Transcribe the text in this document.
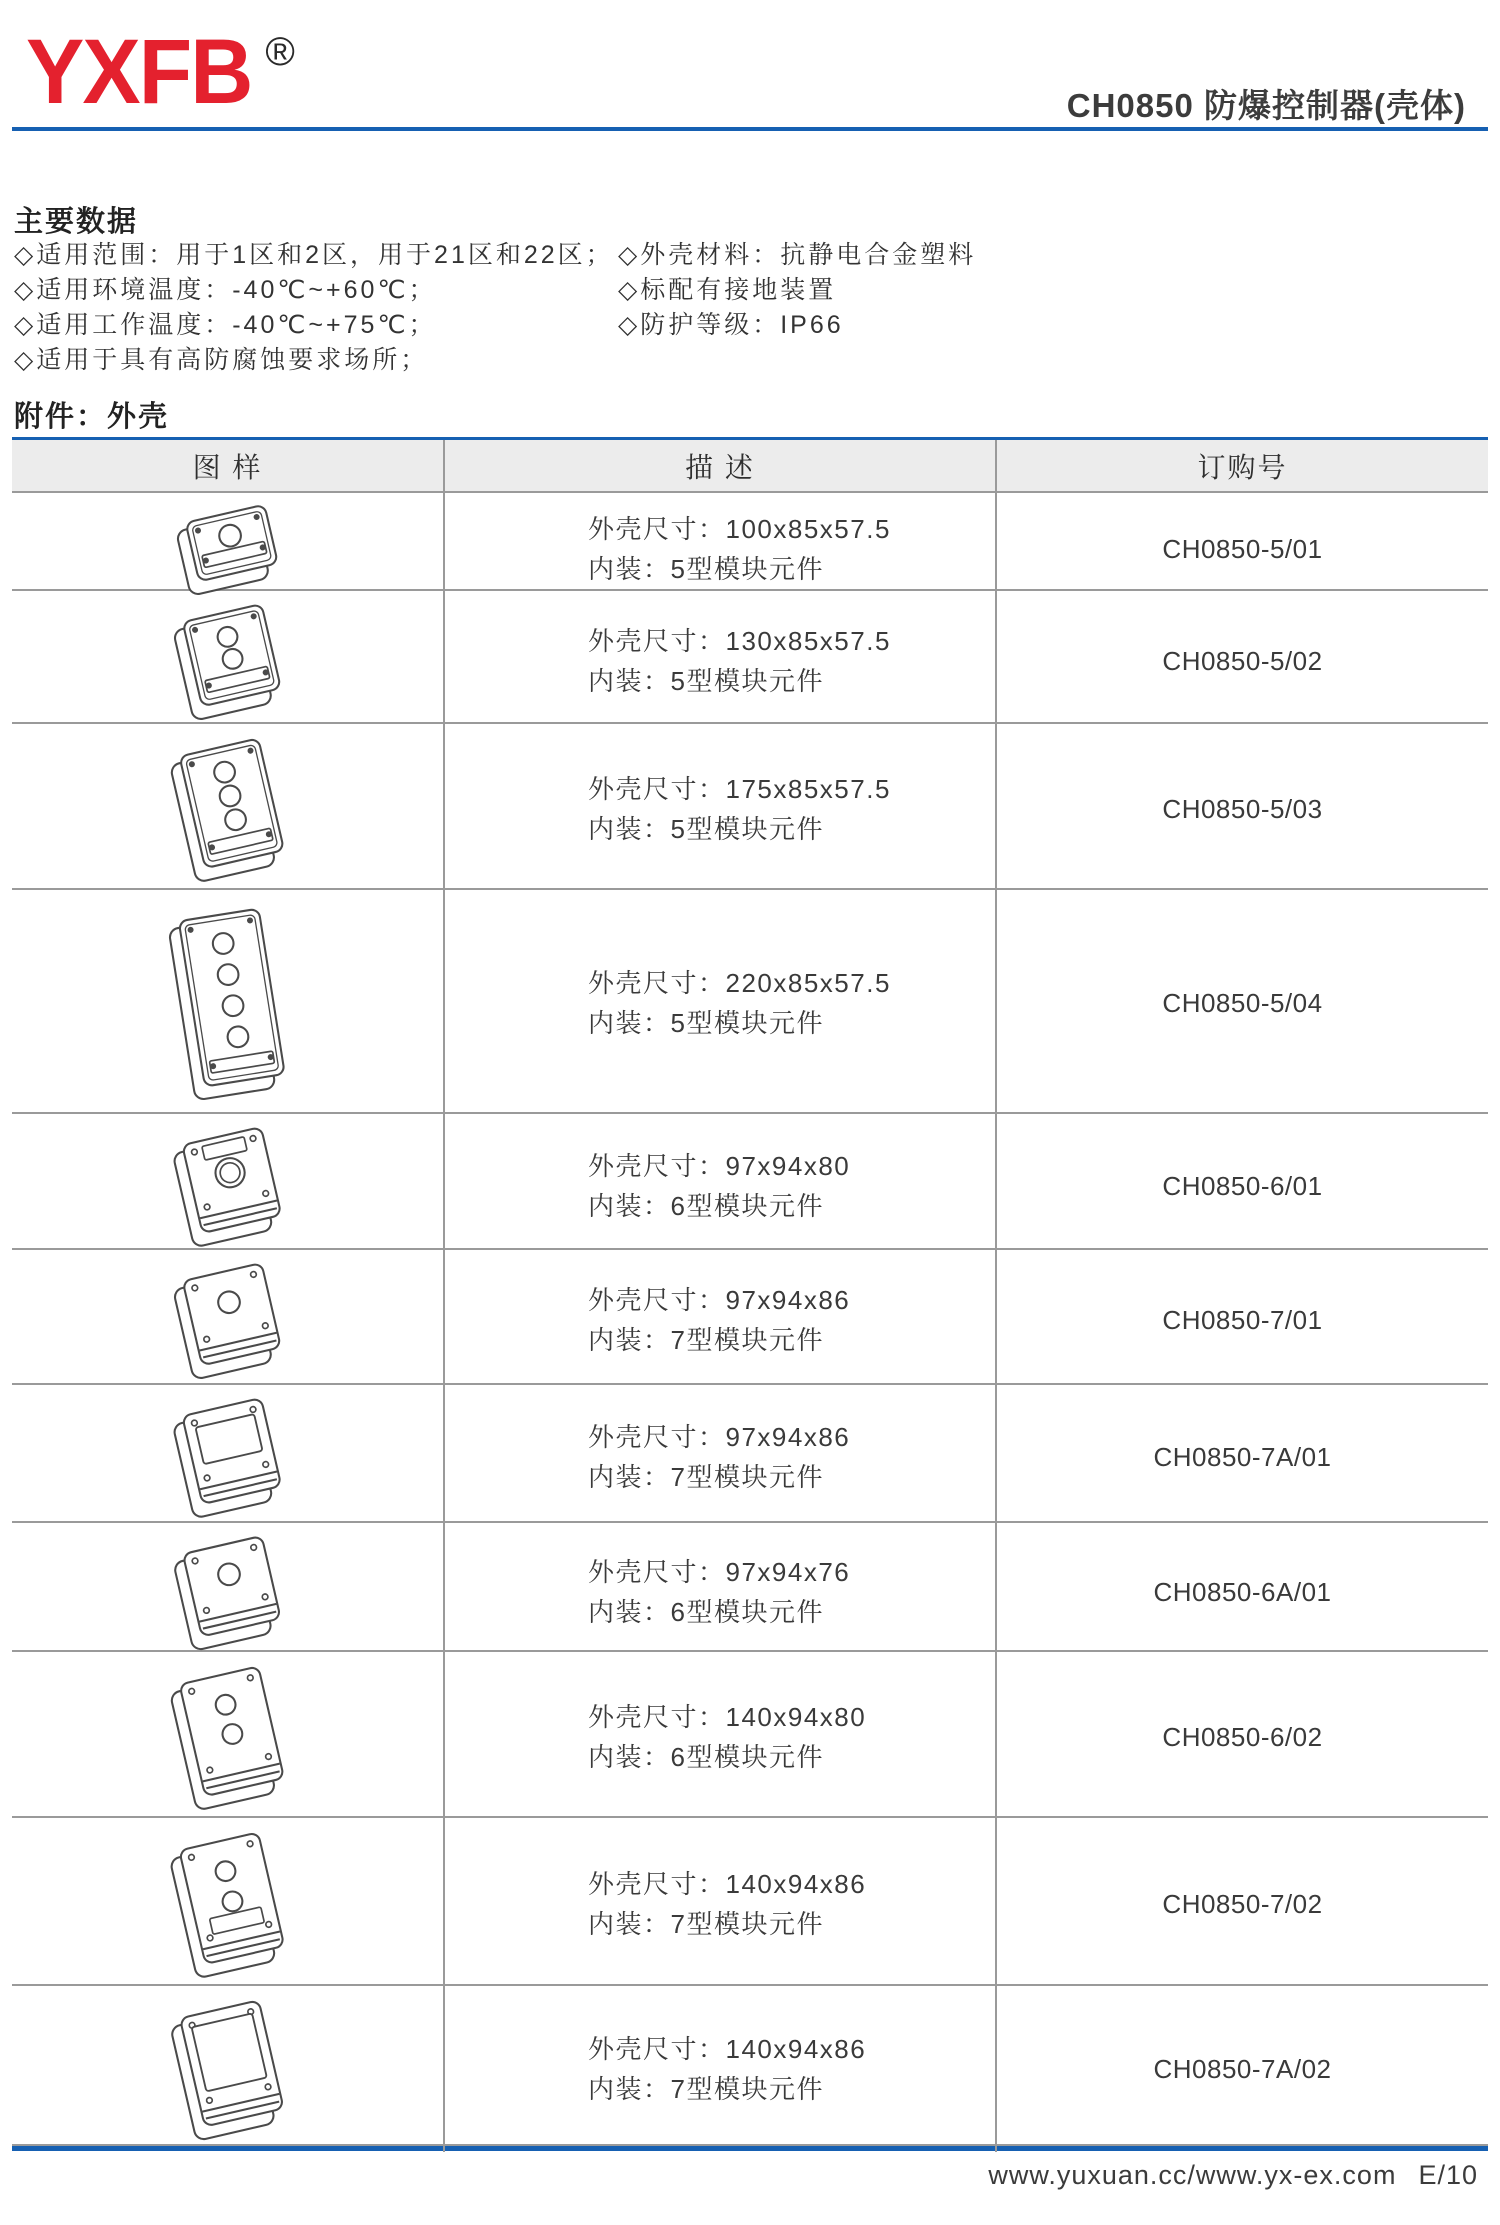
YXFB ®
CH0850 防爆控制器(壳体)
主要数据
◇适用范围：用于1区和2区，用于21区和22区；
◇适用环境温度：-40℃~+60℃；
◇适用工作温度：-40℃~+75℃；
◇适用于具有高防腐蚀要求场所；
◇外壳材料：抗静电合金塑料
◇标配有接地装置
◇防护等级：IP66
附件：外壳
图 样	描 述	订购号
外壳尺寸：100x85x57.5
内装：5型模块元件
CH0850-5/01
外壳尺寸：130x85x57.5
内装：5型模块元件
CH0850-5/02
外壳尺寸：175x85x57.5
内装：5型模块元件
CH0850-5/03
外壳尺寸：220x85x57.5
内装：5型模块元件
CH0850-5/04
外壳尺寸：97x94x80
内装：6型模块元件
CH0850-6/01
外壳尺寸：97x94x86
内装：7型模块元件
CH0850-7/01
外壳尺寸：97x94x86
内装：7型模块元件
CH0850-7A/01
外壳尺寸：97x94x76
内装：6型模块元件
CH0850-6A/01
外壳尺寸：140x94x80
内装：6型模块元件
CH0850-6/02
外壳尺寸：140x94x86
内装：7型模块元件
CH0850-7/02
外壳尺寸：140x94x86
内装：7型模块元件
CH0850-7A/02
www.yuxuan.cc/www.yx-ex.com E/10
